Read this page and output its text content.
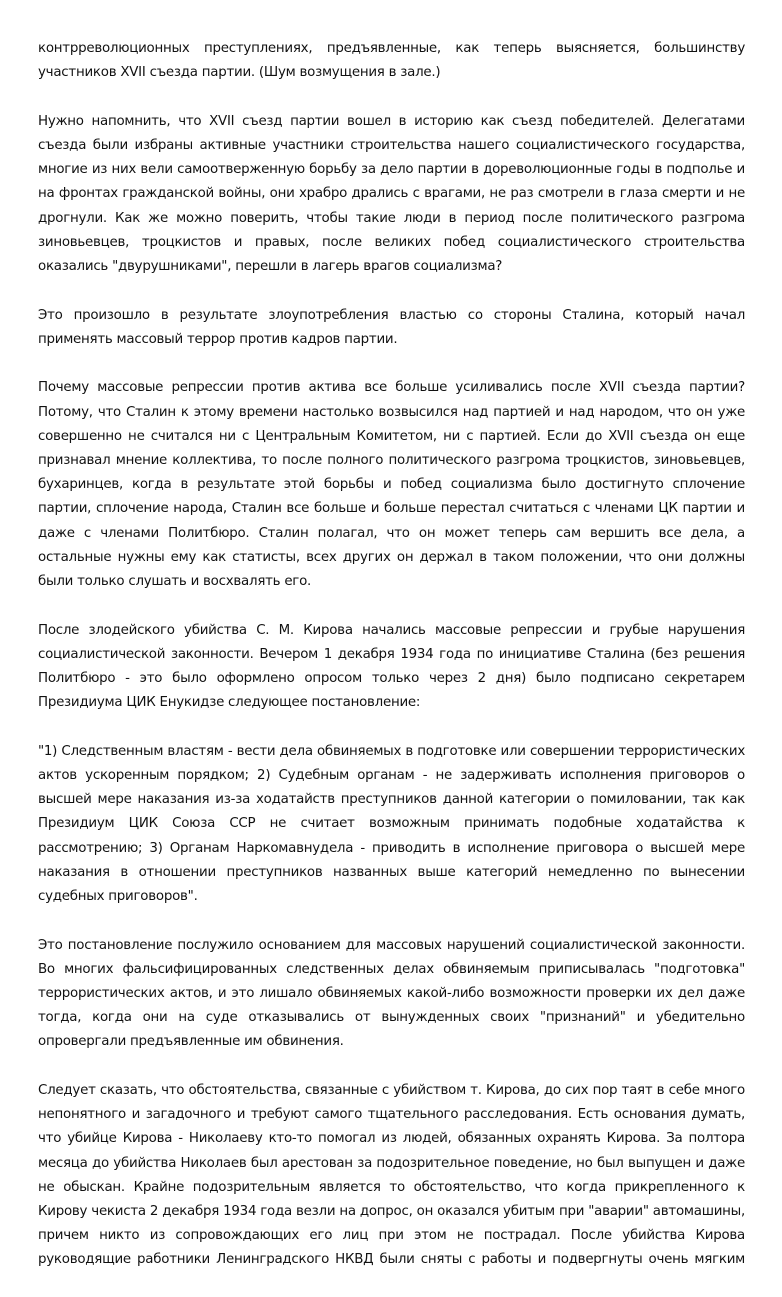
контрреволюционных преступлениях, предъявленные, как теперь выясняется, большинству участников XVII съезда партии. (Шум возмущения в зале.)

Нужно напомнить, что XVII съезд партии вошел в историю как съезд победителей. Делегатами съезда были избраны активные участники строительства нашего социалистического государства, многие из них вели самоотверженную борьбу за дело партии в дореволюционные годы в подполье и на фронтах гражданской войны, они храбро дрались с врагами, не раз смотрели в глаза смерти и не дрогнули. Как же можно поверить, чтобы такие люди в период после политического разгрома зиновьевцев, троцкистов и правых, после великих побед социалистического строительства оказались "двурушниками", перешли в лагерь врагов социализма?

Это произошло в результате злоупотребления властью со стороны Сталина, который начал применять массовый террор против кадров партии.

Почему массовые репрессии против актива все больше усиливались после XVII съезда партии? Потому, что Сталин к этому времени настолько возвысился над партией и над народом, что он уже совершенно не считался ни с Центральным Комитетом, ни с партией. Если до XVII съезда он еще признавал мнение коллектива, то после полного политического разгрома троцкистов, зиновьевцев, бухаринцев, когда в результате этой борьбы и побед социализма было достигнуто сплочение партии, сплочение народа, Сталин все больше и больше перестал считаться с членами ЦК партии и даже с членами Политбюро. Сталин полагал, что он может теперь сам вершить все дела, а остальные нужны ему как статисты, всех других он держал в таком положении, что они должны были только слушать и восхвалять его.

После злодейского убийства С. М. Кирова начались массовые репрессии и грубые нарушения социалистической законности. Вечером 1 декабря 1934 года по инициативе Сталина (без решения Политбюро - это было оформлено опросом только через 2 дня) было подписано секретарем Президиума ЦИК Енукидзе следующее постановление:

"1) Следственным властям - вести дела обвиняемых в подготовке или совершении террористических актов ускоренным порядком; 2) Судебным органам - не задерживать исполнения приговоров о высшей мере наказания из-за ходатайств преступников данной категории о помиловании, так как Президиум ЦИК Союза ССР не считает возможным принимать подобные ходатайства к рассмотрению; 3) Органам Наркомавнудела - приводить в исполнение приговора о высшей мере наказания в отношении преступников названных выше категорий немедленно по вынесении судебных приговоров".

Это постановление послужило основанием для массовых нарушений социалистической законности. Во многих фальсифицированных следственных делах обвиняемым приписывалась "подготовка" террористических актов, и это лишало обвиняемых какой-либо возможности проверки их дел даже тогда, когда они на суде отказывались от вынужденных своих "признаний" и убедительно опровергали предъявленные им обвинения.

Следует сказать, что обстоятельства, связанные с убийством т. Кирова, до сих пор таят в себе много непонятного и загадочного и требуют самого тщательного расследования. Есть основания думать, что убийце Кирова - Николаеву кто-то помогал из людей, обязанных охранять Кирова. За полтора месяца до убийства Николаев был арестован за подозрительное поведение, но был выпущен и даже не обыскан. Крайне подозрительным является то обстоятельство, что когда прикрепленного к Кирову чекиста 2 декабря 1934 года везли на допрос, он оказался убитым при "аварии" автомашины, причем никто из сопровождающих его лиц при этом не пострадал. После убийства Кирова руководящие работники Ленинградского НКВД были сняты с работы и подвергнуты очень мягким
